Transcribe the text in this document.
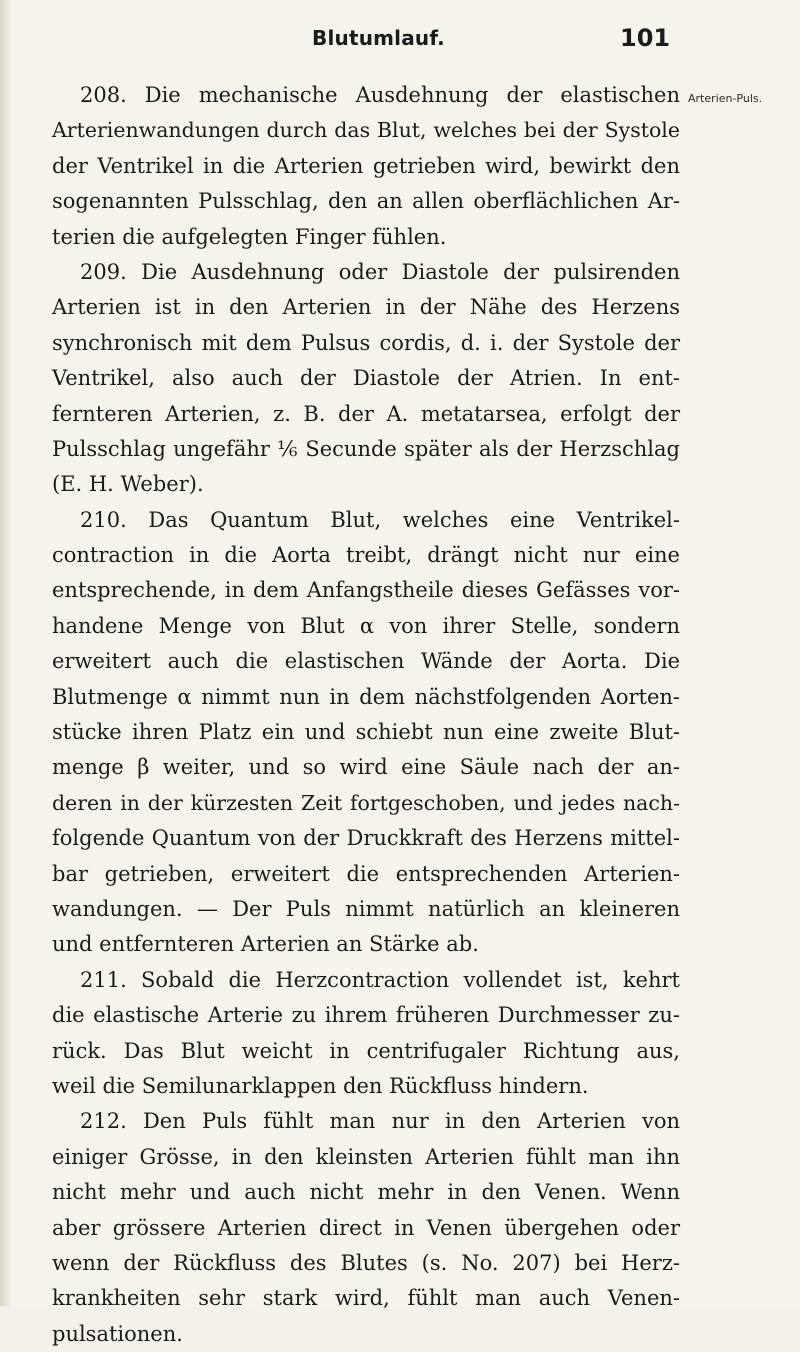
Blutumlauf.	101
Arterien-Puls.
208. Die mechanische Ausdehnung der elastischen
Arterienwandungen durch das Blut, welches bei der Systole
der Ventrikel in die Arterien getrieben wird, bewirkt den
sogenannten Pulsschlag, den an allen oberflächlichen Ar-
terien die aufgelegten Finger fühlen.
209. Die Ausdehnung oder Diastole der pulsirenden
Arterien ist in den Arterien in der Nähe des Herzens
synchronisch mit dem Pulsus cordis, d. i. der Systole der
Ventrikel, also auch der Diastole der Atrien. In ent-
fernteren Arterien, z. B. der A. metatarsea, erfolgt der
Pulsschlag ungefähr ⅙ Secunde später als der Herzschlag
(E. H. Weber).
210. Das Quantum Blut, welches eine Ventrikel-
contraction in die Aorta treibt, drängt nicht nur eine
entsprechende, in dem Anfangstheile dieses Gefässes vor-
handene Menge von Blut α von ihrer Stelle, sondern
erweitert auch die elastischen Wände der Aorta. Die
Blutmenge α nimmt nun in dem nächstfolgenden Aorten-
stücke ihren Platz ein und schiebt nun eine zweite Blut-
menge β weiter, und so wird eine Säule nach der an-
deren in der kürzesten Zeit fortgeschoben, und jedes nach-
folgende Quantum von der Druckkraft des Herzens mittel-
bar getrieben, erweitert die entsprechenden Arterien-
wandungen. — Der Puls nimmt natürlich an kleineren
und entfernteren Arterien an Stärke ab.
211. Sobald die Herzcontraction vollendet ist, kehrt
die elastische Arterie zu ihrem früheren Durchmesser zu-
rück. Das Blut weicht in centrifugaler Richtung aus,
weil die Semilunarklappen den Rückfluss hindern.
212. Den Puls fühlt man nur in den Arterien von
einiger Grösse, in den kleinsten Arterien fühlt man ihn
nicht mehr und auch nicht mehr in den Venen. Wenn
aber grössere Arterien direct in Venen übergehen oder
wenn der Rückfluss des Blutes (s. No. 207) bei Herz-
krankheiten sehr stark wird, fühlt man auch Venen-
pulsationen.
